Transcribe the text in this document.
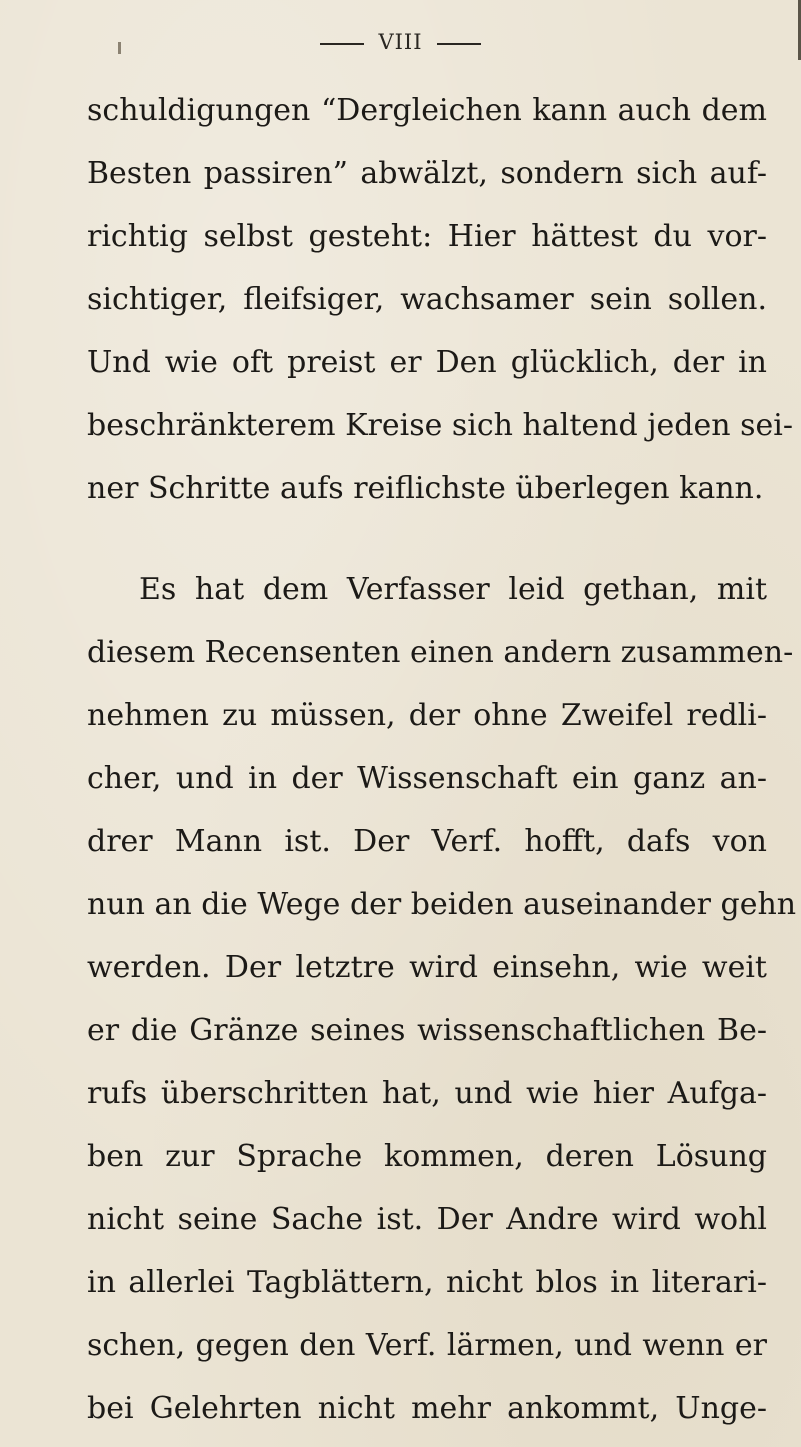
VIII
schuldigungen “Dergleichen kann auch dem
Besten passiren” abwälzt, sondern sich auf-
richtig selbst gesteht: Hier hättest du vor-
sichtiger, fleifsiger, wachsamer sein sollen.
Und wie oft preist er Den glücklich, der in
beschränkterem Kreise sich haltend jeden sei-
ner Schritte aufs reiflichste überlegen kann.
Es hat dem Verfasser leid gethan, mit
diesem Recensenten einen andern zusammen-
nehmen zu müssen, der ohne Zweifel redli-
cher, und in der Wissenschaft ein ganz an-
drer Mann ist. Der Verf. hofft, dafs von
nun an die Wege der beiden auseinander gehn
werden. Der letztre wird einsehn, wie weit
er die Gränze seines wissenschaftlichen Be-
rufs überschritten hat, und wie hier Aufga-
ben zur Sprache kommen, deren Lösung
nicht seine Sache ist. Der Andre wird wohl
in allerlei Tagblättern, nicht blos in literari-
schen, gegen den Verf. lärmen, und wenn er
bei Gelehrten nicht mehr ankommt, Unge-
